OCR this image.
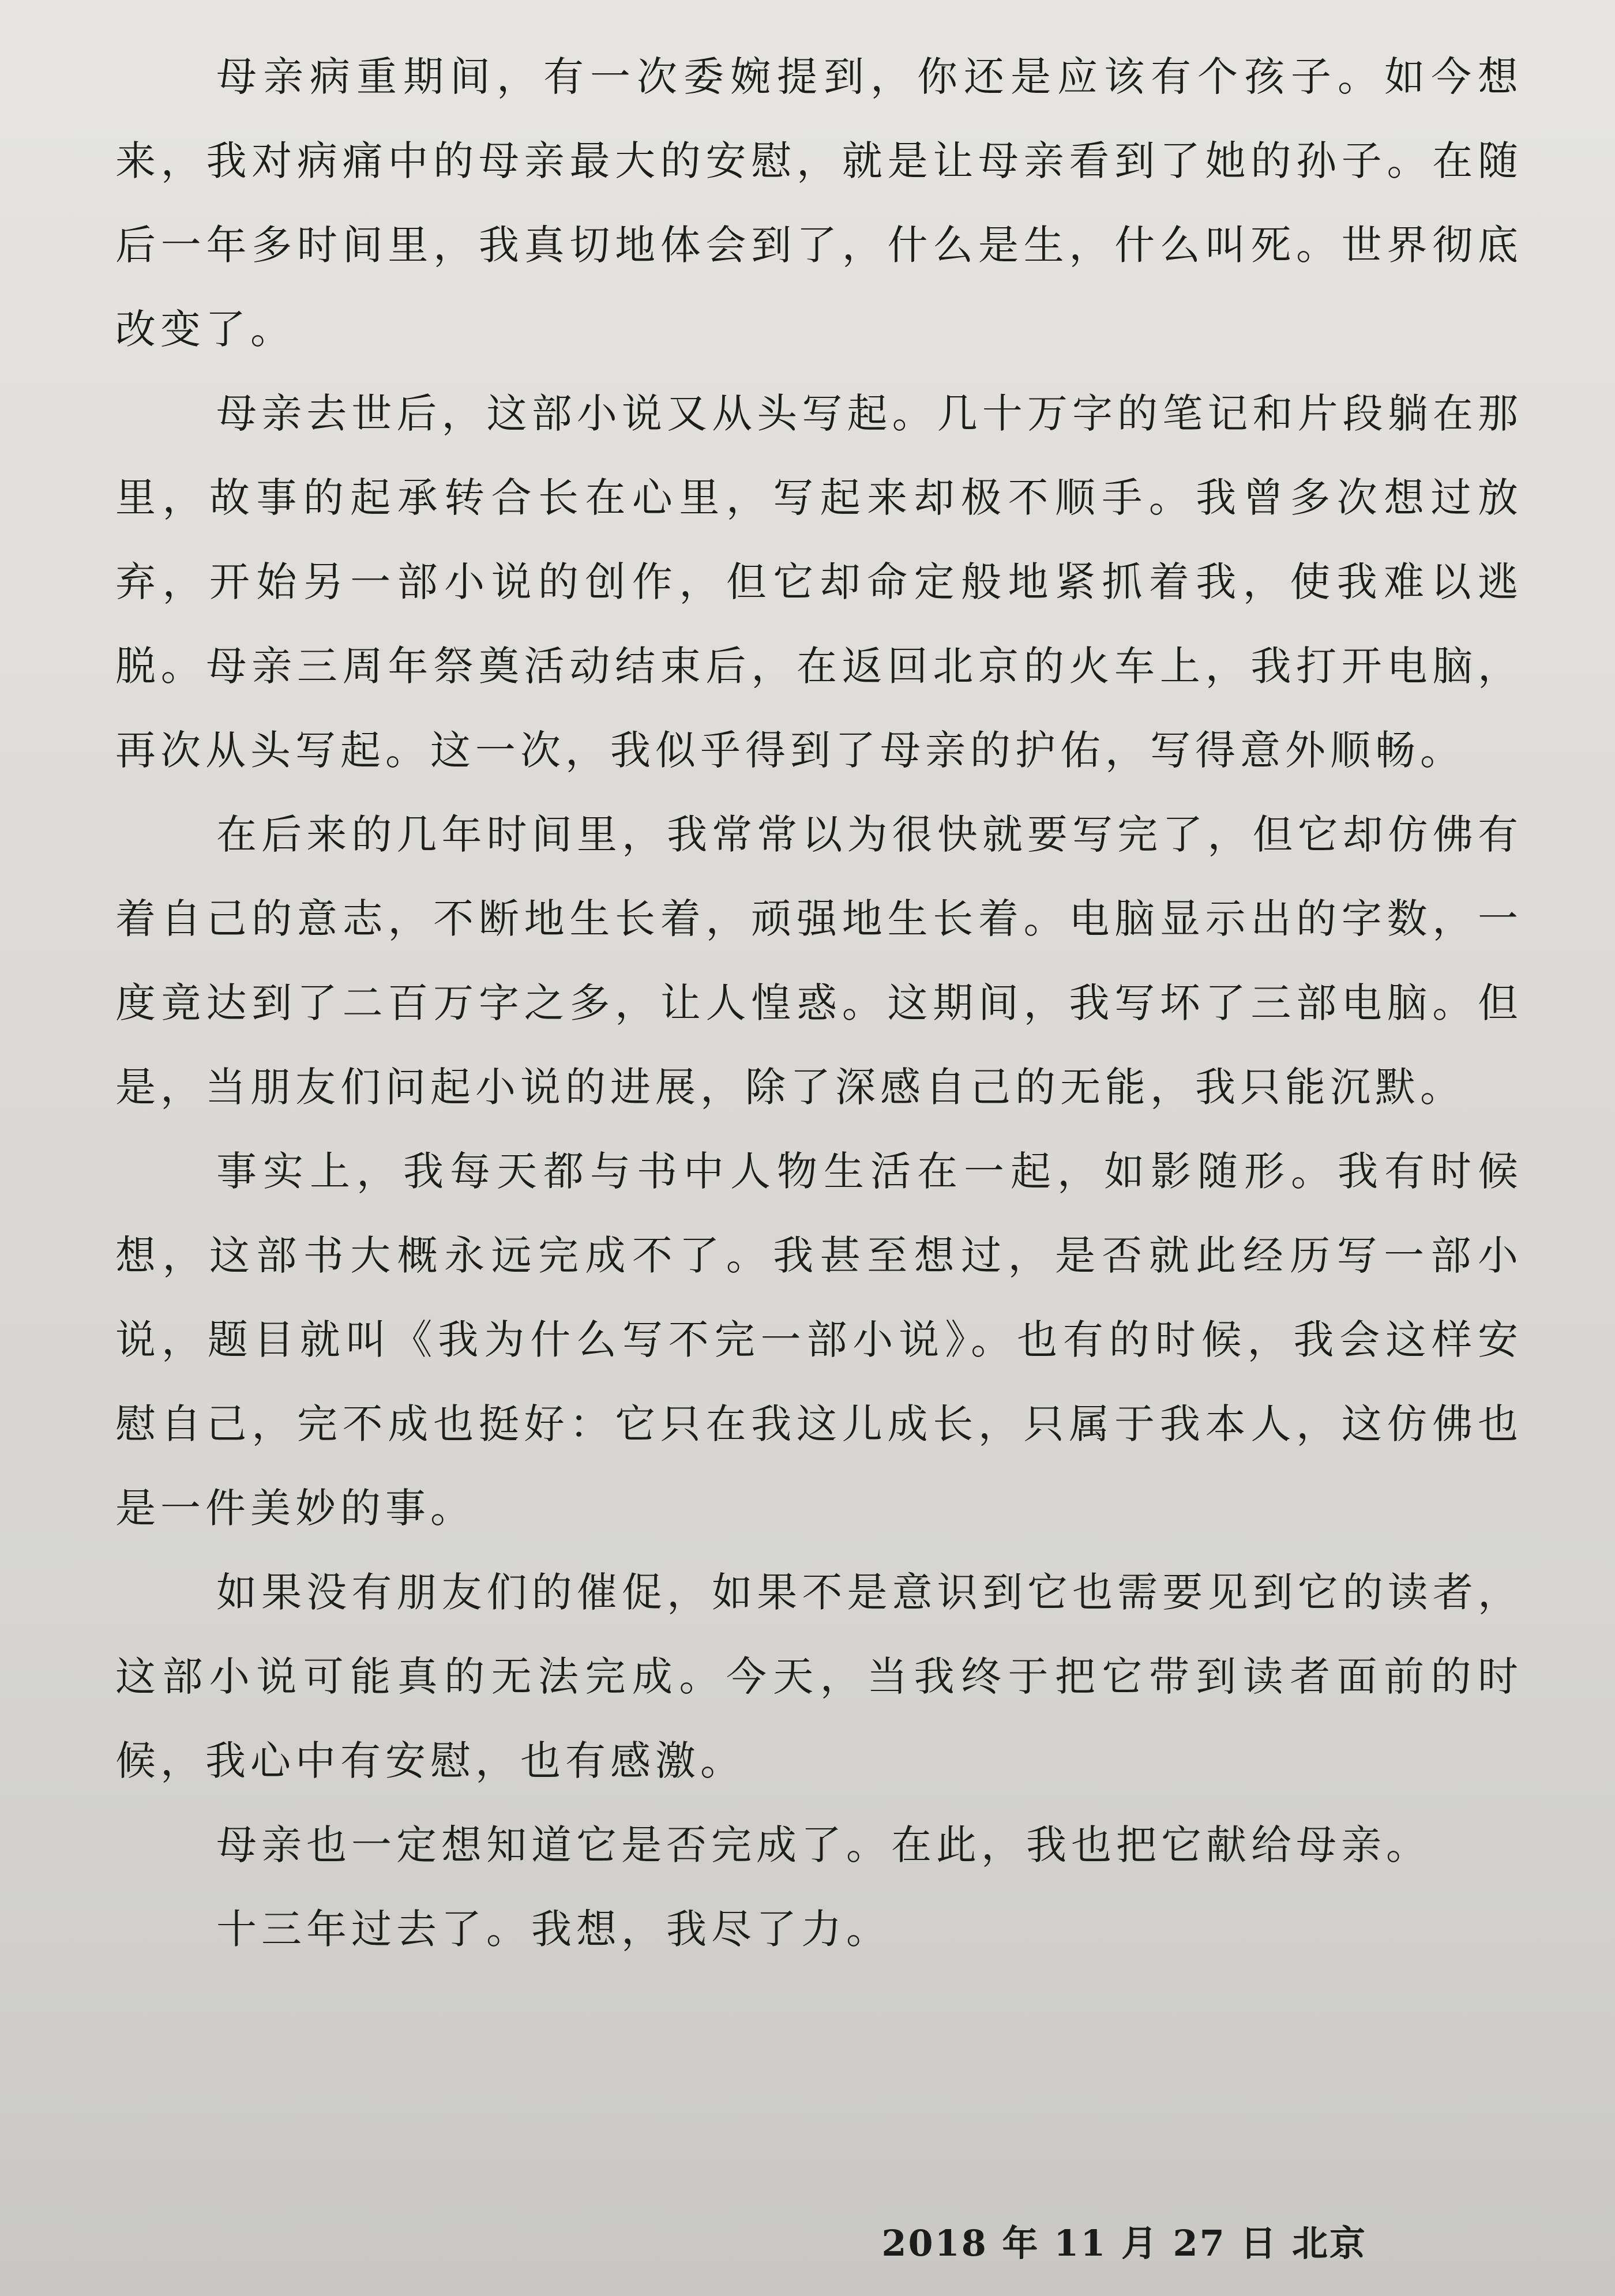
母亲病重期间，有一次委婉提到，你还是应该有个孩子。如今想来，我对病痛中的母亲最大的安慰，就是让母亲看到了她的孙子。在随后一年多时间里，我真切地体会到了，什么是生，什么叫死。世界彻底改变了。

母亲去世后，这部小说又从头写起。几十万字的笔记和片段躺在那里，故事的起承转合长在心里，写起来却极不顺手。我曾多次想过放弃，开始另一部小说的创作，但它却命定般地紧抓着我，使我难以逃脱。母亲三周年祭奠活动结束后，在返回北京的火车上，我打开电脑，再次从头写起。这一次，我似乎得到了母亲的护佑，写得意外顺畅。

在后来的几年时间里，我常常以为很快就要写完了，但它却仿佛有着自己的意志，不断地生长着，顽强地生长着。电脑显示出的字数，一度竟达到了二百万字之多，让人惶惑。这期间，我写坏了三部电脑。但是，当朋友们问起小说的进展，除了深感自己的无能，我只能沉默。

事实上，我每天都与书中人物生活在一起，如影随形。我有时候想，这部书大概永远完成不了。我甚至想过，是否就此经历写一部小说，题目就叫《我为什么写不完一部小说》。也有的时候，我会这样安慰自己，完不成也挺好：它只在我这儿成长，只属于我本人，这仿佛也是一件美妙的事。

如果没有朋友们的催促，如果不是意识到它也需要见到它的读者，这部小说可能真的无法完成。今天，当我终于把它带到读者面前的时候，我心中有安慰，也有感激。

母亲也一定想知道它是否完成了。在此，我也把它献给母亲。

十三年过去了。我想，我尽了力。

2018 年 11 月 27 日 北京
